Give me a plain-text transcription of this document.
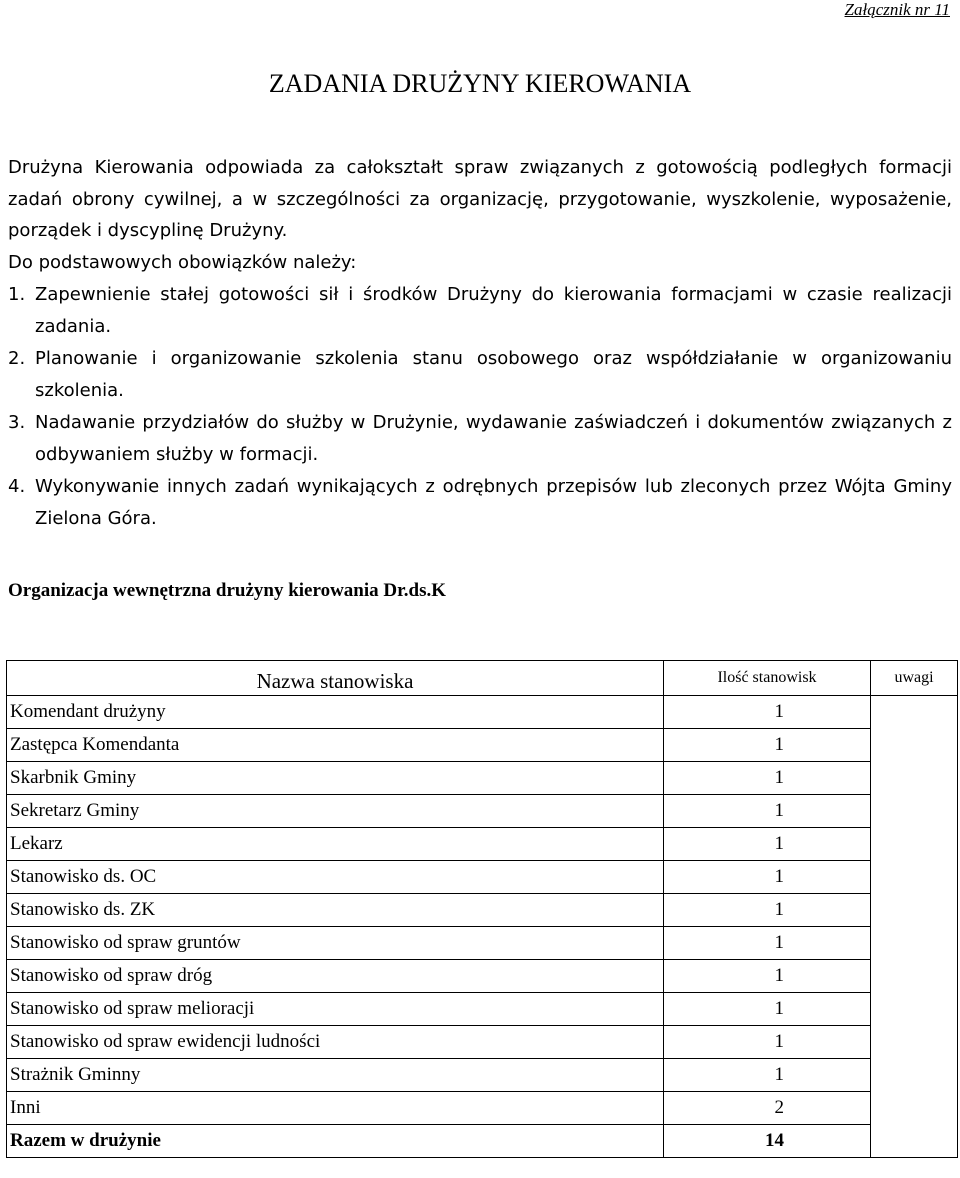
Załącznik nr 11
ZADANIA DRUŻYNY KIEROWANIA

Drużyna Kierowania odpowiada za całokształt spraw związanych z gotowością podległych formacji zadań obrony cywilnej, a w szczególności za organizację, przygotowanie, wyszkolenie, wyposażenie, porządek i dyscyplinę Drużyny.

Do podstawowych obowiązków należy:

1. Zapewnienie stałej gotowości sił i środków Drużyny do kierowania formacjami w czasie realizacji zadania.
2. Planowanie i organizowanie szkolenia stanu osobowego oraz współdziałanie w organizowaniu szkolenia.
3. Nadawanie przydziałów do służby w Drużynie, wydawanie zaświadczeń i dokumentów związanych z odbywaniem służby w formacji.
4. Wykonywanie innych zadań wynikających z odrębnych przepisów lub zleconych przez Wójta Gminy Zielona Góra.
Organizacja wewnętrzna drużyny kierowania Dr.ds.K
Nazwa stanowiska	Ilość stanowisk	uwagi
Komendant drużyny	1	
Zastępca Komendanta	1	
Skarbnik Gminy	1	
Sekretarz Gminy	1	
Lekarz	1	
Stanowisko ds. OC	1	
Stanowisko ds. ZK	1	
Stanowisko od spraw gruntów	1	
Stanowisko od spraw dróg	1	
Stanowisko od spraw melioracji	1	
Stanowisko od spraw ewidencji ludności	1	
Strażnik Gminny	1	
Inni	2	
Razem w drużynie	14	
